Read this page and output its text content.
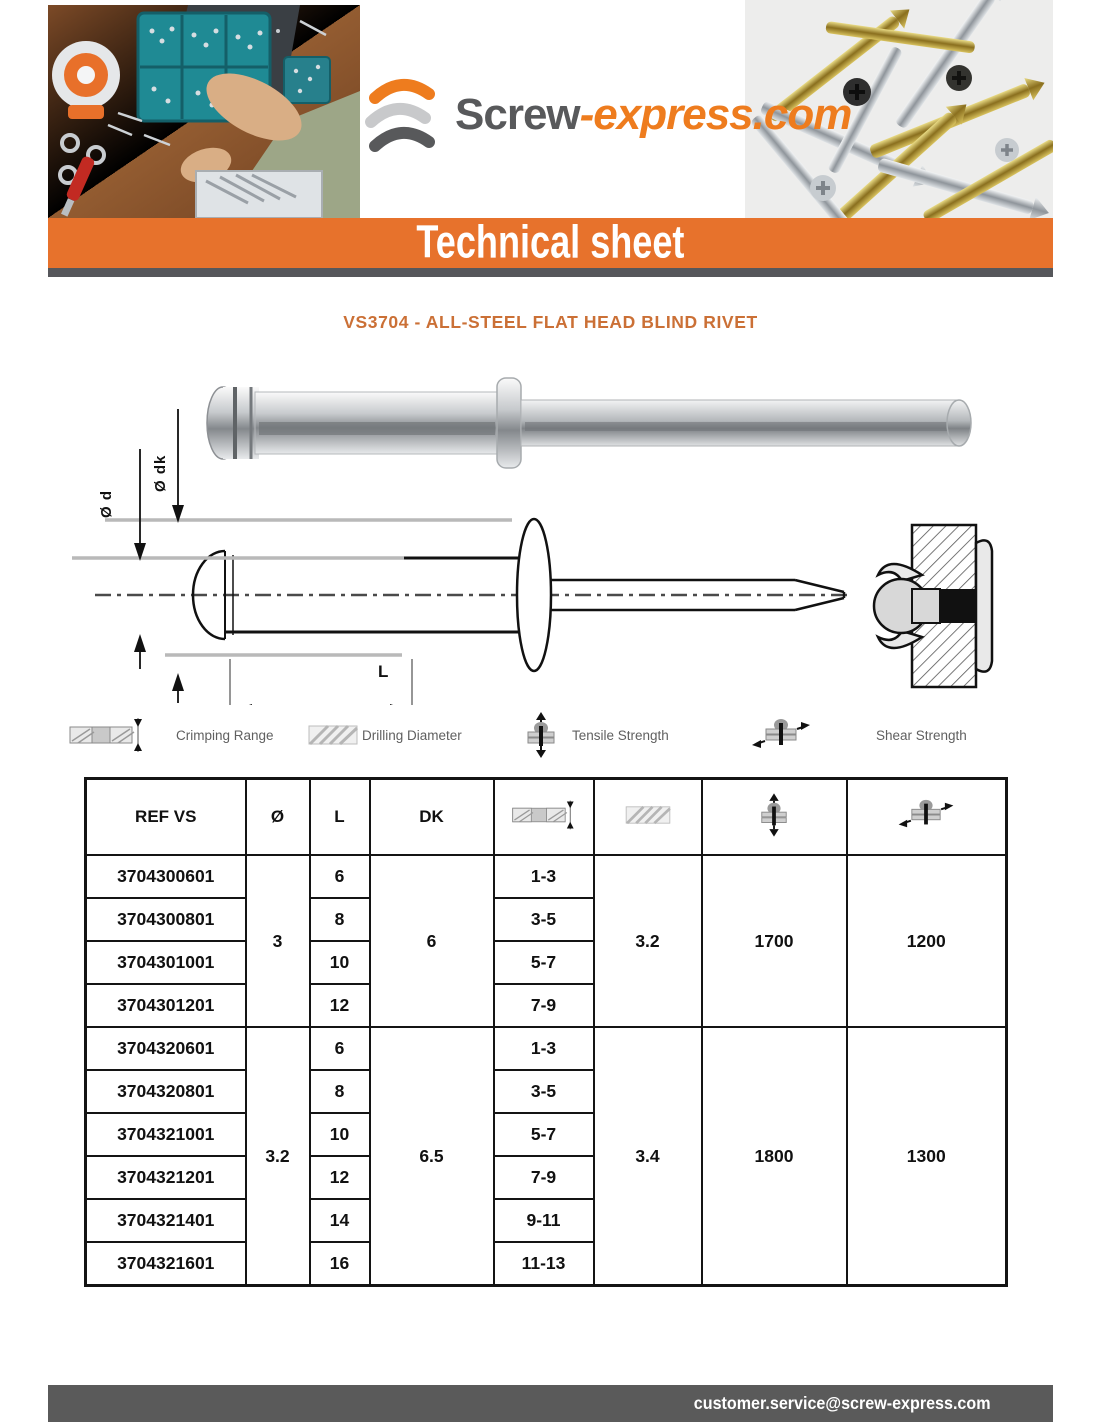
Screw-express.com
Technical sheet
VS3704 - ALL-STEEL FLAT HEAD BLIND RIVET
Ø dk
Ø d
L
Crimping Range	Drilling Diameter	Tensile Strength	Shear Strength
REF VS	Ø	L	DK				
3704300601	3	6	6	1-3	3.2	1700	1200
3704300801		8		3-5			
3704301001		10		5-7			
3704301201		12		7-9			
3704320601	3.2	6	6.5	1-3	3.4	1800	1300
3704320801		8		3-5			
3704321001		10		5-7			
3704321201		12		7-9			
3704321401		14		9-11			
3704321601		16		11-13			
customer.service@screw-express.com
